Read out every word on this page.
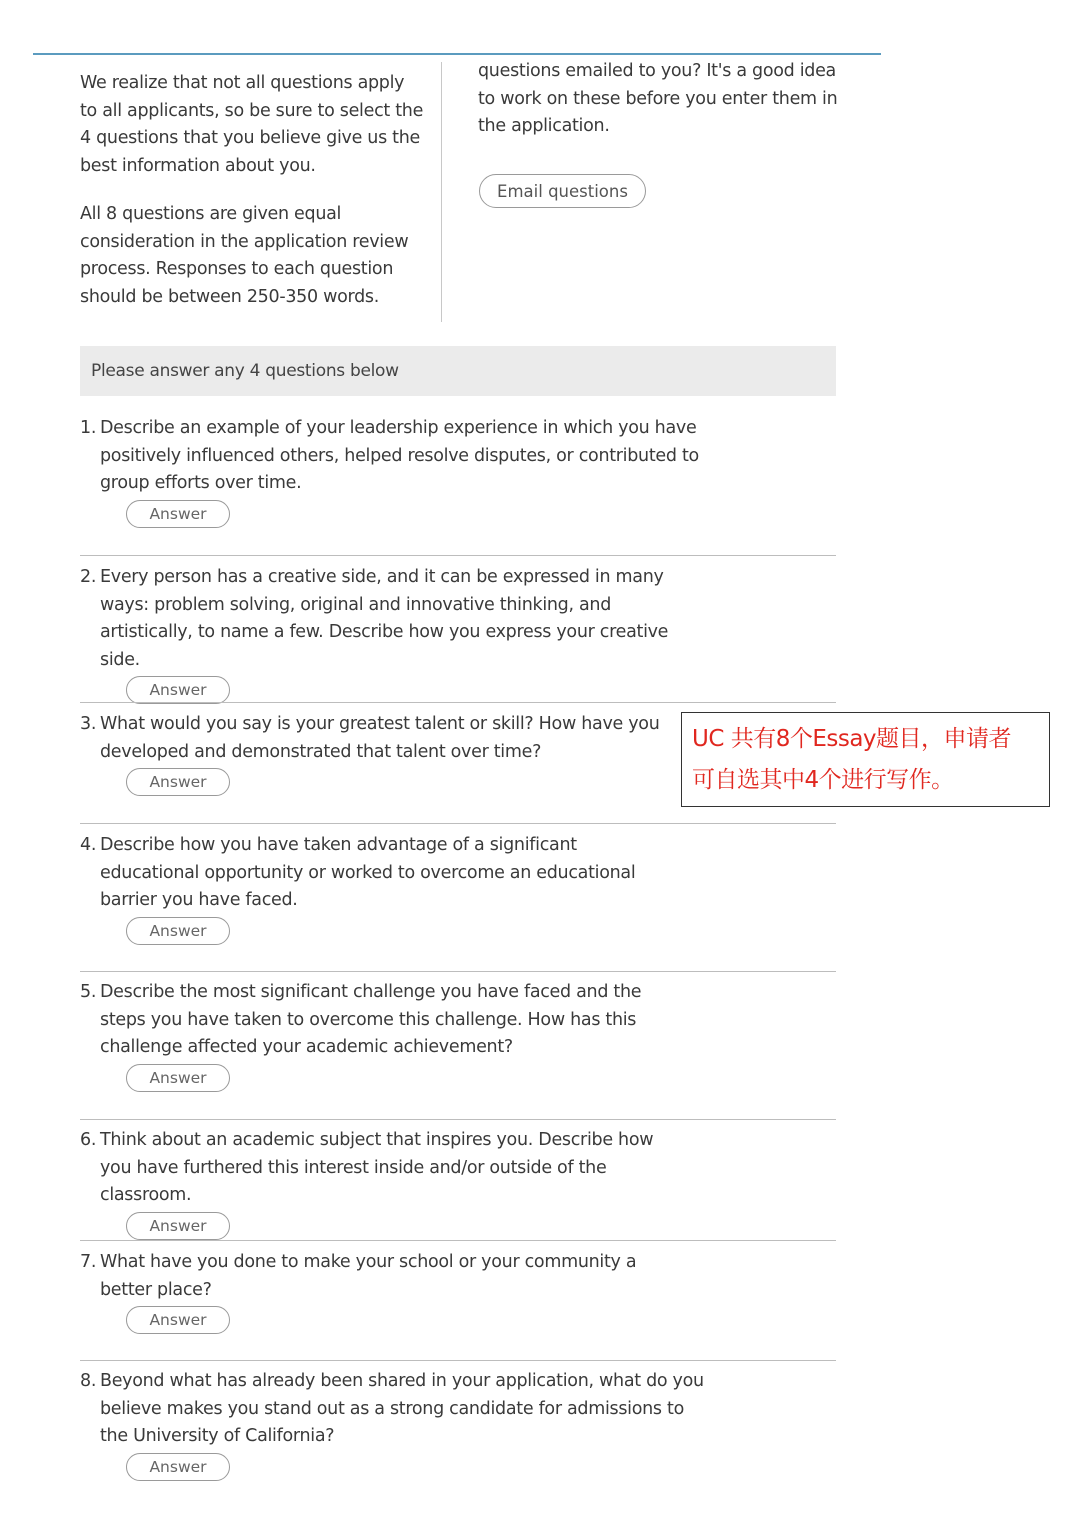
We realize that not all questions apply to all applicants, so be sure to select the 4 questions that you believe give us the best information about you.

All 8 questions are given equal consideration in the application review process. Responses to each question should be between 250-350 words.

questions emailed to you? It's a good idea to work on these before you enter them in the application.

Email questions
Please answer any 4 questions below
1. Describe an example of your leadership experience in which you have positively influenced others, helped resolve disputes, or contributed to group efforts over time.
Answer
2. Every person has a creative side, and it can be expressed in many ways: problem solving, original and innovative thinking, and artistically, to name a few. Describe how you express your creative side.
Answer
3. What would you say is your greatest talent or skill? How have you developed and demonstrated that talent over time?
Answer
4. Describe how you have taken advantage of a significant educational opportunity or worked to overcome an educational barrier you have faced.
Answer
5. Describe the most significant challenge you have faced and the steps you have taken to overcome this challenge. How has this challenge affected your academic achievement?
Answer
6. Think about an academic subject that inspires you. Describe how you have furthered this interest inside and/or outside of the classroom.
Answer
7. What have you done to make your school or your community a better place?
Answer
8. Beyond what has already been shared in your application, what do you believe makes you stand out as a strong candidate for admissions to the University of California?
Answer
UC 共有8个Essay题目，申请者
可自选其中4个进行写作。
